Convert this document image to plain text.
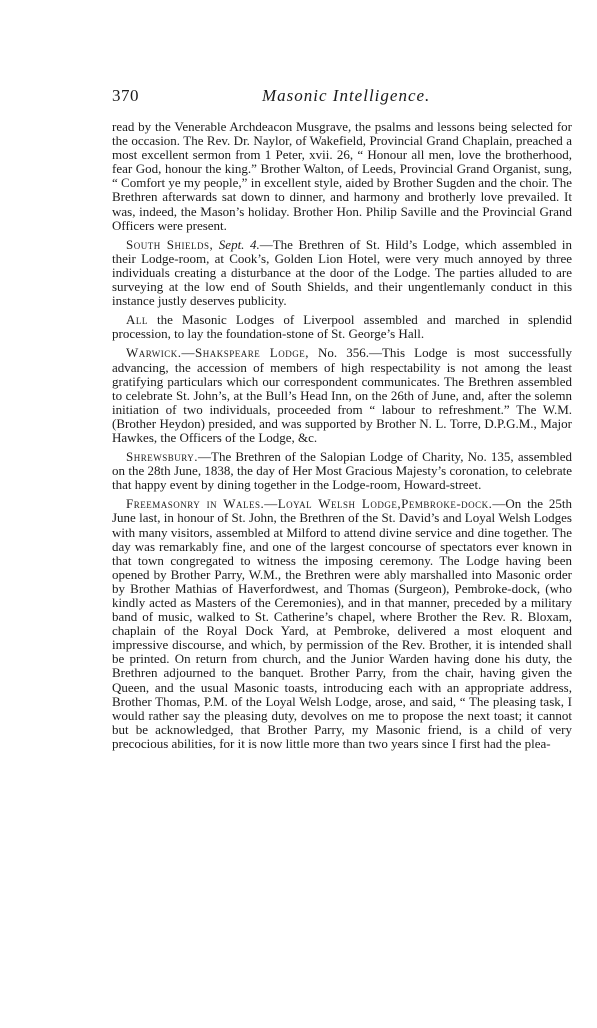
370	Masonic Intelligence.

read by the Venerable Archdeacon Musgrave, the psalms and lessons being selected for the occasion. The Rev. Dr. Naylor, of Wakefield, Provincial Grand Chaplain, preached a most excellent sermon from 1 Peter, xvii. 26, “ Honour all men, love the brotherhood, fear God, honour the king.” Brother Walton, of Leeds, Provincial Grand Organist, sung, “ Comfort ye my people,” in excellent style, aided by Brother Sugden and the choir. The Brethren afterwards sat down to dinner, and harmony and brotherly love prevailed. It was, indeed, the Mason’s holiday. Brother Hon. Philip Saville and the Provincial Grand Officers were present.

South Shields, Sept. 4.—The Brethren of St. Hild’s Lodge, which assembled in their Lodge-room, at Cook’s, Golden Lion Hotel, were very much annoyed by three individuals creating a disturbance at the door of the Lodge. The parties alluded to are surveying at the low end of South Shields, and their ungentlemanly conduct in this instance justly deserves publicity.

All the Masonic Lodges of Liverpool assembled and marched in splendid procession, to lay the foundation-stone of St. George’s Hall.

Warwick.—Shakspeare Lodge, No. 356.—This Lodge is most successfully advancing, the accession of members of high respectability is not among the least gratifying particulars which our correspondent communicates. The Brethren assembled to celebrate St. John’s, at the Bull’s Head Inn, on the 26th of June, and, after the solemn initiation of two individuals, proceeded from “ labour to refreshment.” The W.M. (Brother Heydon) presided, and was supported by Brother N. L. Torre, D.P.G.M., Major Hawkes, the Officers of the Lodge, &c.

Shrewsbury.—The Brethren of the Salopian Lodge of Charity, No. 135, assembled on the 28th June, 1838, the day of Her Most Gracious Majesty’s coronation, to celebrate that happy event by dining together in the Lodge-room, Howard-street.

Freemasonry in Wales.—Loyal Welsh Lodge,Pembroke-dock.—On the 25th June last, in honour of St. John, the Brethren of the St. David’s and Loyal Welsh Lodges with many visitors, assembled at Milford to attend divine service and dine together. The day was remarkably fine, and one of the largest concourse of spectators ever known in that town congregated to witness the imposing ceremony. The Lodge having been opened by Brother Parry, W.M., the Brethren were ably marshalled into Masonic order by Brother Mathias of Haverfordwest, and Thomas (Surgeon), Pembroke-dock, (who kindly acted as Masters of the Ceremonies), and in that manner, preceded by a military band of music, walked to St. Catherine’s chapel, where Brother the Rev. R. Bloxam, chaplain of the Royal Dock Yard, at Pembroke, delivered a most eloquent and impressive discourse, and which, by permission of the Rev. Brother, it is intended shall be printed. On return from church, and the Junior Warden having done his duty, the Brethren adjourned to the banquet. Brother Parry, from the chair, having given the Queen, and the usual Masonic toasts, introducing each with an appropriate address, Brother Thomas, P.M. of the Loyal Welsh Lodge, arose, and said, “ The pleasing task, I would rather say the pleasing duty, devolves on me to propose the next toast; it cannot but be acknowledged, that Brother Parry, my Masonic friend, is a child of very precocious abilities, for it is now little more than two years since I first had the plea-
